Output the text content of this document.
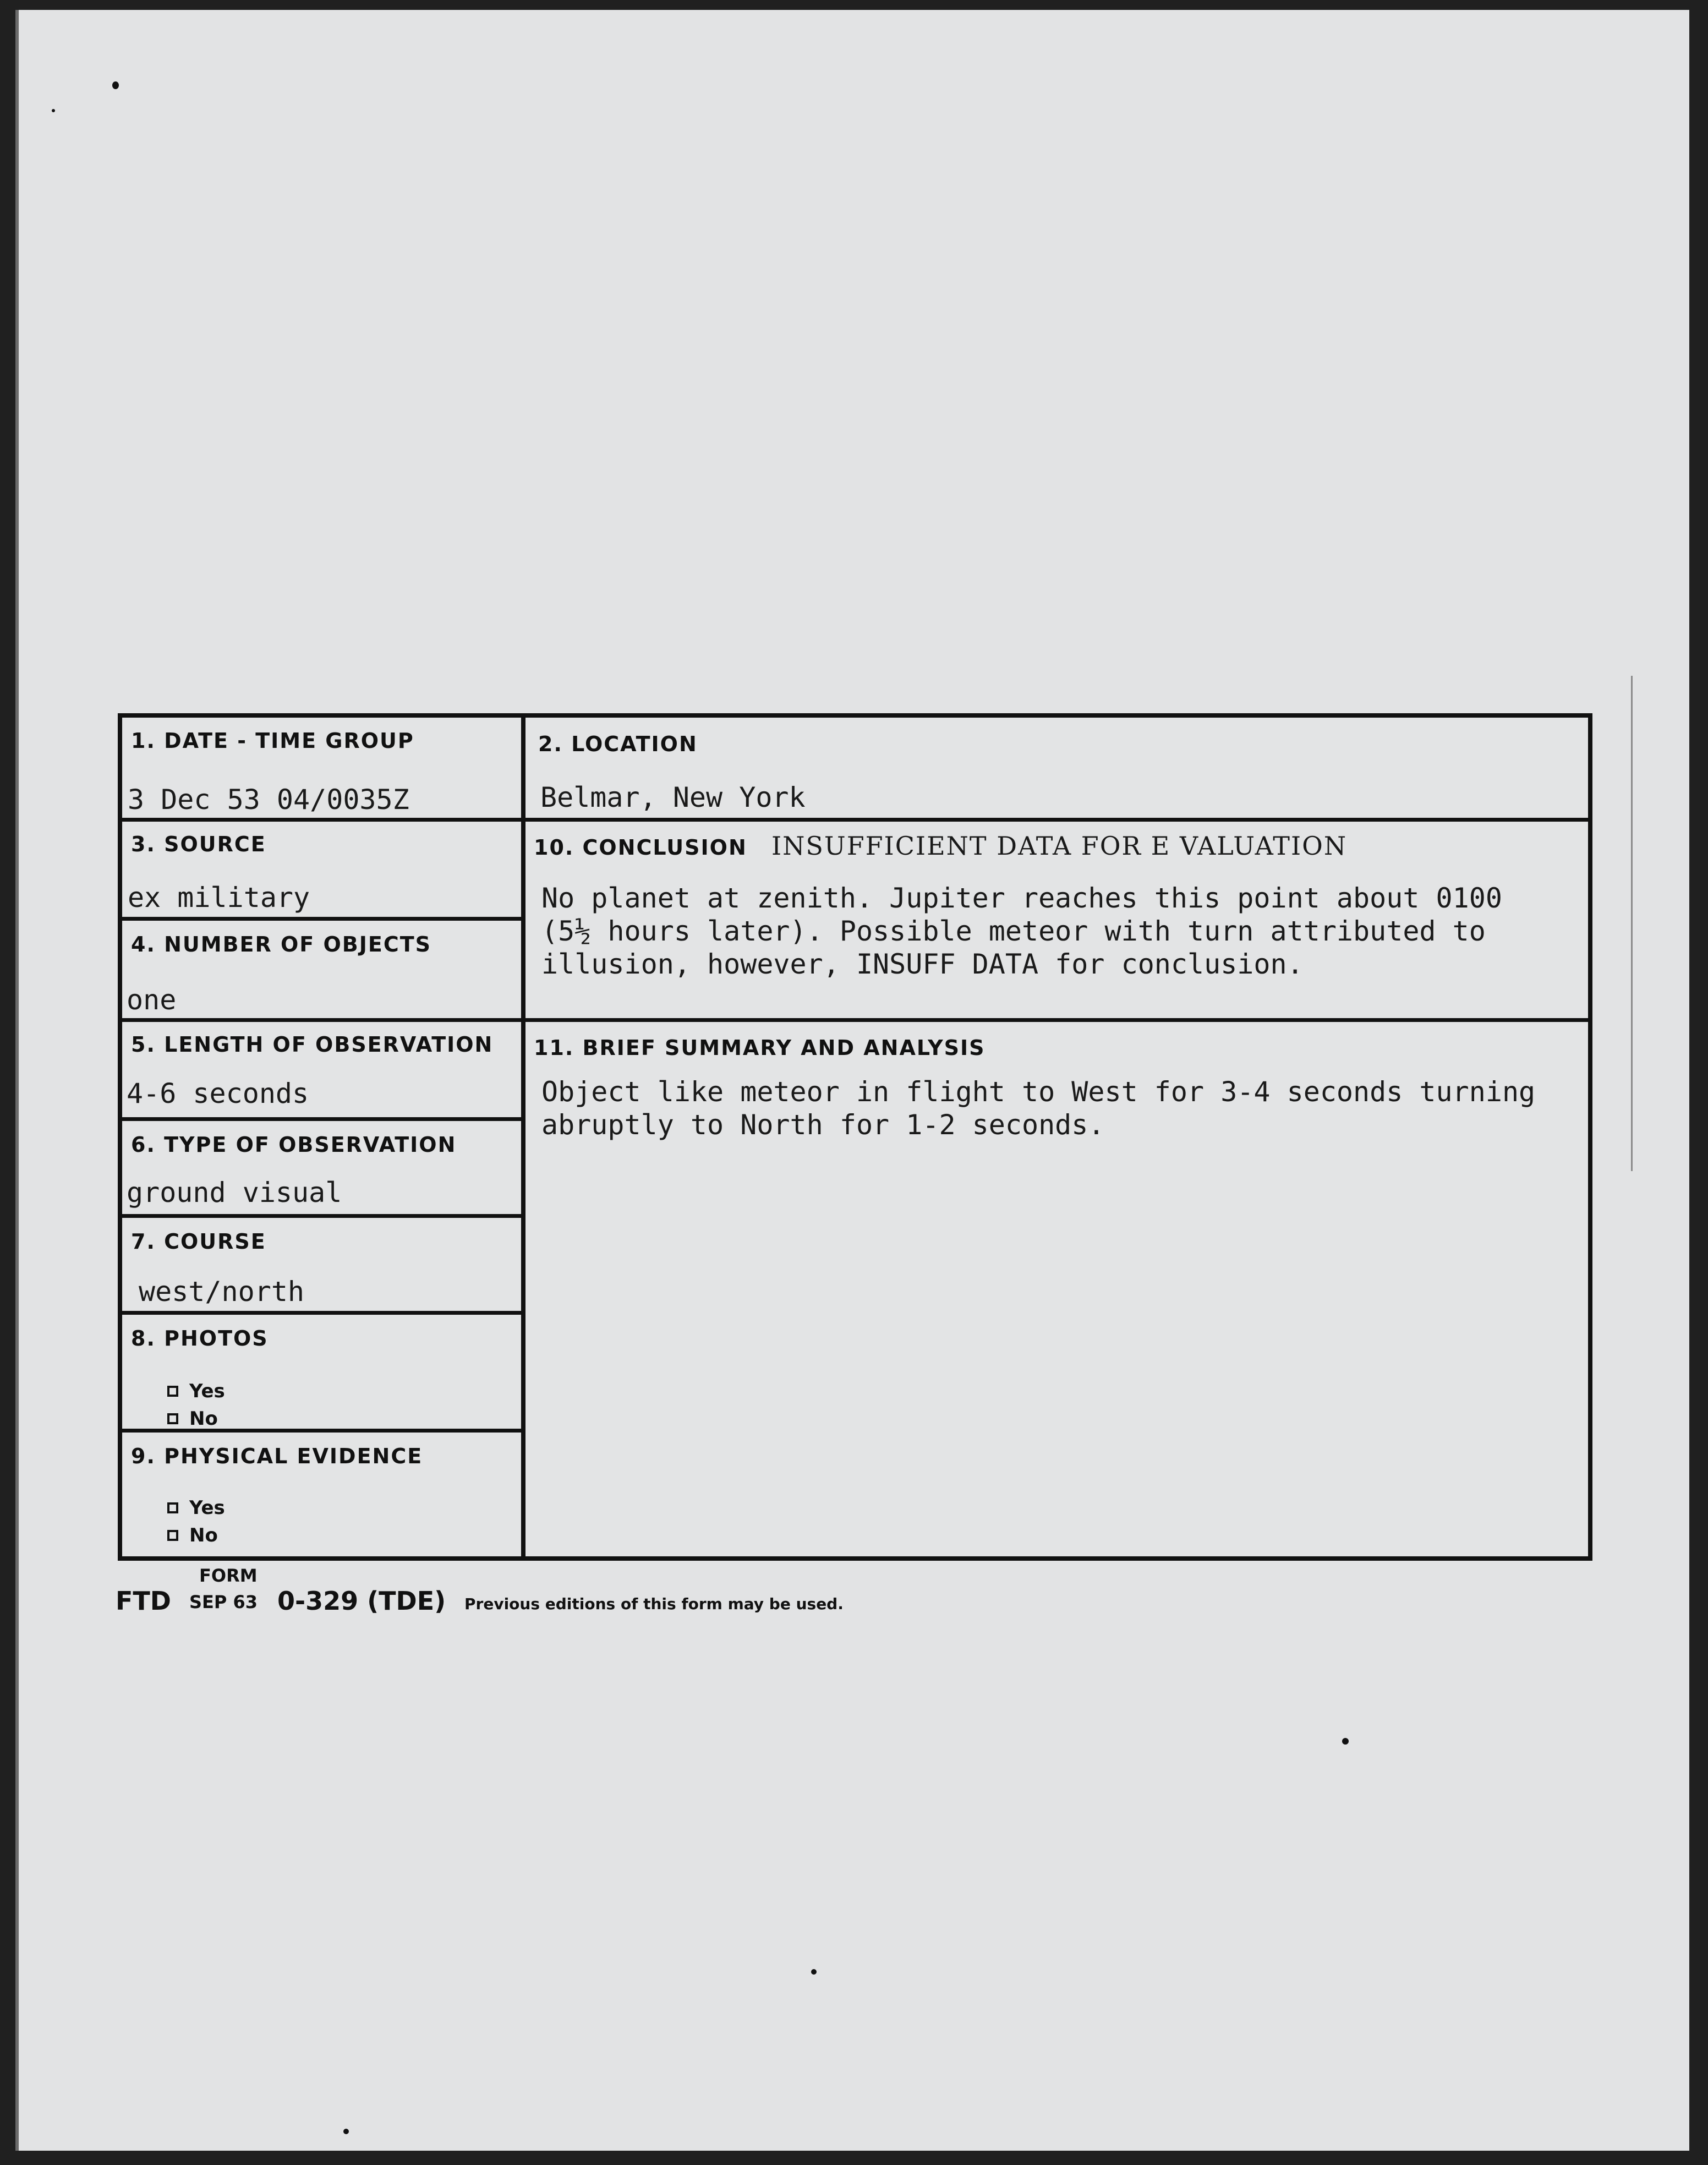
1. DATE - TIME GROUP
3 Dec 53 04/0035Z
2. LOCATION
Belmar, New York
3. SOURCE
ex military
4. NUMBER OF OBJECTS
one
5. LENGTH OF OBSERVATION
4-6 seconds
6. TYPE OF OBSERVATION
ground visual
7. COURSE
west/north
8. PHOTOS
Yes
No
9. PHYSICAL EVIDENCE
Yes
No
10. CONCLUSION INSUFFICIENT DATA FOR E VALUATION
No planet at zenith. Jupiter reaches this point about 0100
(5½ hours later). Possible meteor with turn attributed to
illusion, however, INSUFF DATA for conclusion.
11. BRIEF SUMMARY AND ANALYSIS
Object like meteor in flight to West for 3-4 seconds turning
abruptly to North for 1-2 seconds.
FORM
FTD SEP 63 0-329 (TDE) Previous editions of this form may be used.
